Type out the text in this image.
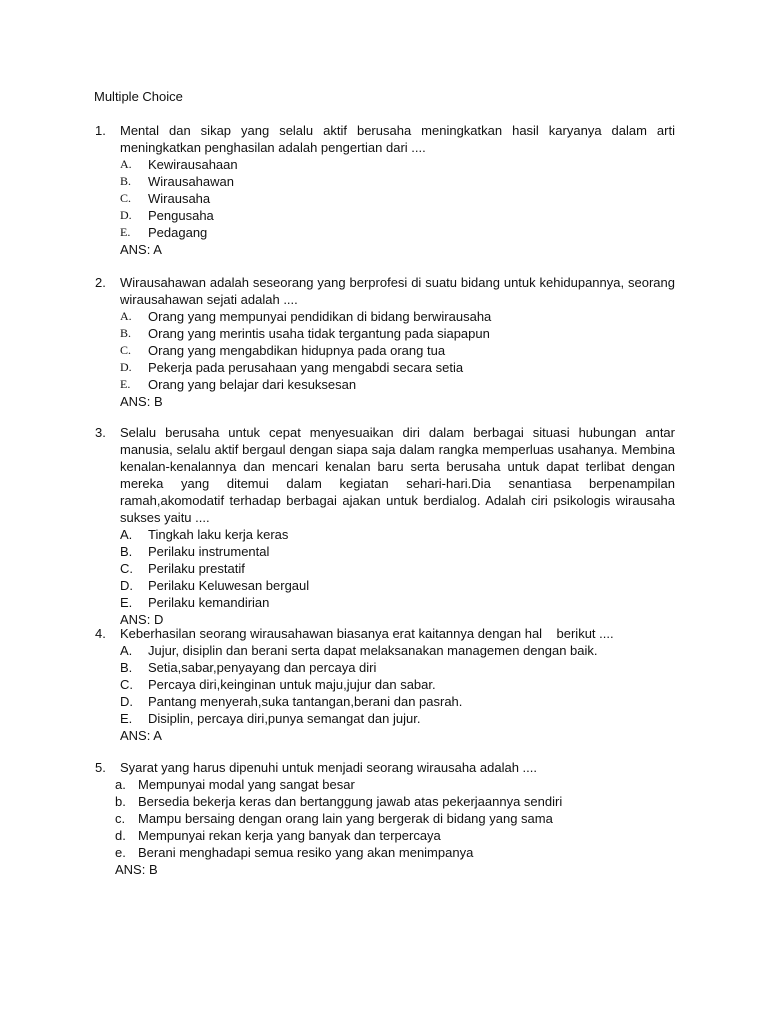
Multiple Choice
1. Mental dan sikap yang selalu aktif berusaha meningkatkan hasil karyanya dalam arti meningkatkan penghasilan adalah pengertian dari ....
A. Kewirausahaan
B. Wirausahawan
C. Wirausaha
D. Pengusaha
E. Pedagang
ANS: A
2. Wirausahawan adalah seseorang yang berprofesi di suatu bidang untuk kehidupannya, seorang wirausahawan sejati adalah ....
A. Orang yang mempunyai pendidikan di bidang berwirausaha
B. Orang yang merintis usaha tidak tergantung pada siapapun
C. Orang yang mengabdikan hidupnya pada orang tua
D. Pekerja pada perusahaan yang mengabdi secara setia
E. Orang yang belajar dari kesuksesan
ANS: B
3. Selalu berusaha untuk cepat menyesuaikan diri dalam berbagai situasi hubungan antar manusia, selalu aktif bergaul dengan siapa saja dalam rangka memperluas usahanya. Membina kenalan-kenalannya dan mencari kenalan baru serta berusaha untuk dapat terlibat dengan mereka yang ditemui dalam kegiatan sehari-hari.Dia senantiasa berpenampilan ramah,akomodatif terhadap berbagai ajakan untuk berdialog. Adalah ciri psikologis wirausaha sukses yaitu ....
A. Tingkah laku kerja keras
B. Perilaku instrumental
C. Perilaku prestatif
D. Perilaku Keluwesan bergaul
E. Perilaku kemandirian
ANS: D
4. Keberhasilan seorang wirausahawan biasanya erat kaitannya dengan hal    berikut ....
A. Jujur, disiplin dan berani serta dapat melaksanakan managemen dengan baik.
B. Setia,sabar,penyayang dan percaya diri
C. Percaya diri,keinginan untuk maju,jujur dan sabar.
D. Pantang menyerah,suka tantangan,berani dan pasrah.
E. Disiplin, percaya diri,punya semangat dan jujur.
ANS: A
5. Syarat yang harus dipenuhi untuk menjadi seorang wirausaha adalah ....
a. Mempunyai modal yang sangat besar
b. Bersedia bekerja keras dan bertanggung jawab atas pekerjaannya sendiri
c. Mampu bersaing dengan orang lain yang bergerak di bidang yang sama
d. Mempunyai rekan kerja yang banyak dan terpercaya
e. Berani menghadapi semua resiko yang akan menimpanya
ANS: B
